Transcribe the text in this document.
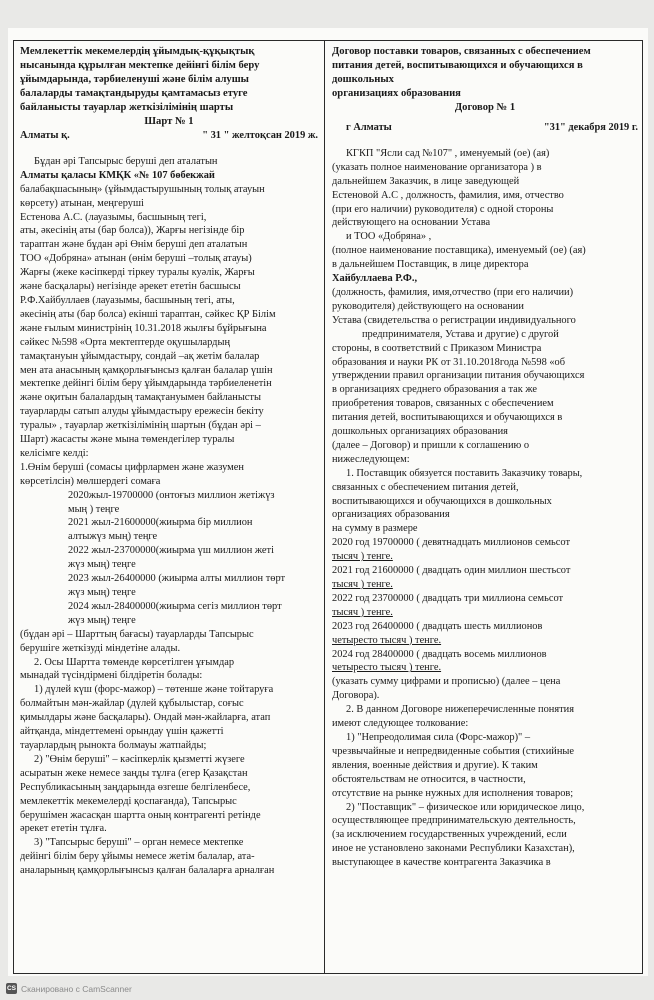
Мемлекеттік мекемелердің ұйымдық-құқықтық
нысанында құрылған мектепке дейінгі білім беру
ұйымдарында, тәрбиеленуші және білім алушы
балаларды тамақтандыруды қамтамасыз етуге
байланысты тауарлар жеткізілімінің шарты
Шарт № 1
Алматы қ.	" 31 " желтоқсан 2019 ж.
Бұдан әрі Тапсырыс беруші деп аталатын
Алматы қаласы КМҚК «№ 107 бөбекжай
балабақшасының» (ұйымдастырушының толық атауын
көрсету) атынан, меңгеруші
Естенова А.С. (лауазымы, басшының тегі,
аты, әкесінің аты (бар болса)), Жарғы негізінде бір
тараптан және бұдан әрі Өнім беруші деп аталатын
ТОО «Добряна» атынан (өнім беруші –толық атауы)
Жарғы (жеке кәсіпкерді тіркеу туралы куәлік, Жарғы
және басқалары) негізінде әрекет ететін басшысы
Р.Ф.Хайбуллаев (лауазымы, басшының тегі, аты,
әкесінің аты (бар болса) екінші тараптан, сәйкес ҚР Білім
және ғылым министрінің 10.31.2018 жылғы бұйрығына
сәйкес №598 «Орта мектептерде оқушылардың
тамақтануын ұйымдастыру, сондай –ақ жетім балалар
мен ата анасының қамқорлығынсыз қалған балалар үшін
мектепке дейінгі білім беру ұйымдарында тәрбиеленетін
және оқитын балалардың тамақтануымен байланысты
тауарларды сатып алуды ұйымдастыру ережесін бекіту
туралы» , тауарлар жеткізілімінің шартын (бұдан әрі –
Шарт) жасасты және мына төмендегілер туралы
келісімге келді:
1.Өнім беруші (сомасы цифрлармен және жазумен
көрсетілсін) мөлшердегі сомаға
2020жыл-19700000 (онтоғыз миллион жетіжүз
мың ) теңге
2021 жыл-21600000(жиырма бір миллион
алтыжүз мың) теңге
2022 жыл-23700000(жиырма үш миллион жеті
жүз мың) теңге
2023 жыл-26400000 (жиырма алты миллион төрт
жүз мың) теңге
2024 жыл-28400000(жиырма сегіз миллион төрт
жүз мың) теңге
(бұдан әрі – Шарттың бағасы) тауарларды Тапсырыс
берушіге жеткізуді міндетіне алады.
2. Осы Шартта төменде көрсетілген ұғымдар
мынадай түсіндірмені білдіретін болады:
1) дүлей күш (форс-мажор) – төтенше және тойтаруға
болмайтын мән-жайлар (дүлей құбылыстар, соғыс
қимылдары және басқалары). Ондай мән-жайларға, атап
айтқанда, міндеттемені орындау үшін қажетті
тауарлардың рынокта болмауы жатпайды;
2) "Өнім беруші" – кәсіпкерлік қызметті жүзеге
асыратын жеке немесе заңды тұлға (егер Қазақстан
Республикасының заңдарында өзгеше белгіленбесе,
мемлекеттік мекемелерді қоспағанда), Тапсырыс
берушімен жасасқан шартта оның контрагенті ретінде
әрекет ететін тұлға.
3) "Тапсырыс беруші" – орган немесе мектепке
дейінгі білім беру ұйымы немесе жетім балалар, ата-
аналарының қамқорлығынсыз қалған балаларға арналған
Договор поставки товаров, связанных с обеспечением
питания детей, воспитывающихся и обучающихся в
дошкольных
организациях образования
Договор № 1
г Алматы	"31" декабря 2019 г.
КГКП "Ясли сад №107" , именуемый (ое) (ая)
(указать полное наименование организатора ) в
дальнейшем Заказчик, в лице заведующей
Естеновой А.С , должность, фамилия, имя, отчество
(при его наличии) руководителя) с одной стороны
действующего на основании Устава
и ТОО «Добряна» ,
(полное наименование поставщика), именуемый (ое) (ая)
в дальнейшем Поставщик, в лице директора
Хайбуллаева Р.Ф.,
(должность, фамилия, имя,отчество (при его наличии)
руководителя) действующего на основании
Устава (свидетельства о регистрации индивидуального
предпринимателя, Устава и другие) с другой
стороны, в соответствий с Приказом Министра
образования и науки РК от 31.10.2018года №598 «об
утверждении правил организации питания обучающихся
в организациях среднего образования а так же
приобретения товаров, связанных с обеспечением
питания детей, воспитывающихся и обучающихся в
дошкольных организациях образования
(далее – Договор) и пришли к соглашению о
нижеследующем:
1. Поставщик обязуется поставить Заказчику товары,
связанных с обеспечением питания детей,
воспитывающихся и обучающихся в дошкольных
организациях образования
на сумму в размере
2020 год 19700000 ( девятнадцать миллионов семьсот
тысяч ) тенге.
2021 год 21600000 ( двадцать один миллион шестьсот
тысяч ) тенге.
2022 год 23700000 ( двадцать три миллиона семьсот
тысяч ) тенге.
2023 год 26400000 ( двадцать шесть миллионов
четыресто тысяч ) тенге.
2024 год 28400000 ( двадцать восемь миллионов
четыресто тысяч ) тенге.
(указать сумму цифрами и прописью) (далее – цена
Договора).
2. В данном Договоре нижеперечисленные понятия
имеют следующее толкование:
1) "Непреодолимая сила (Форс-мажор)" –
чрезвычайные и непредвиденные события (стихийные
явления, военные действия и другие). К таким
обстоятельствам не относится, в частности,
отсутствие на рынке нужных для исполнения товаров;
2) "Поставщик" – физическое или юридическое лицо,
осуществляющее предпринимательскую деятельность,
(за исключением государственных учреждений, если
иное не установлено законами Республики Казахстан),
выступающее в качестве контрагента Заказчика в
CS Сканировано с CamScanner
